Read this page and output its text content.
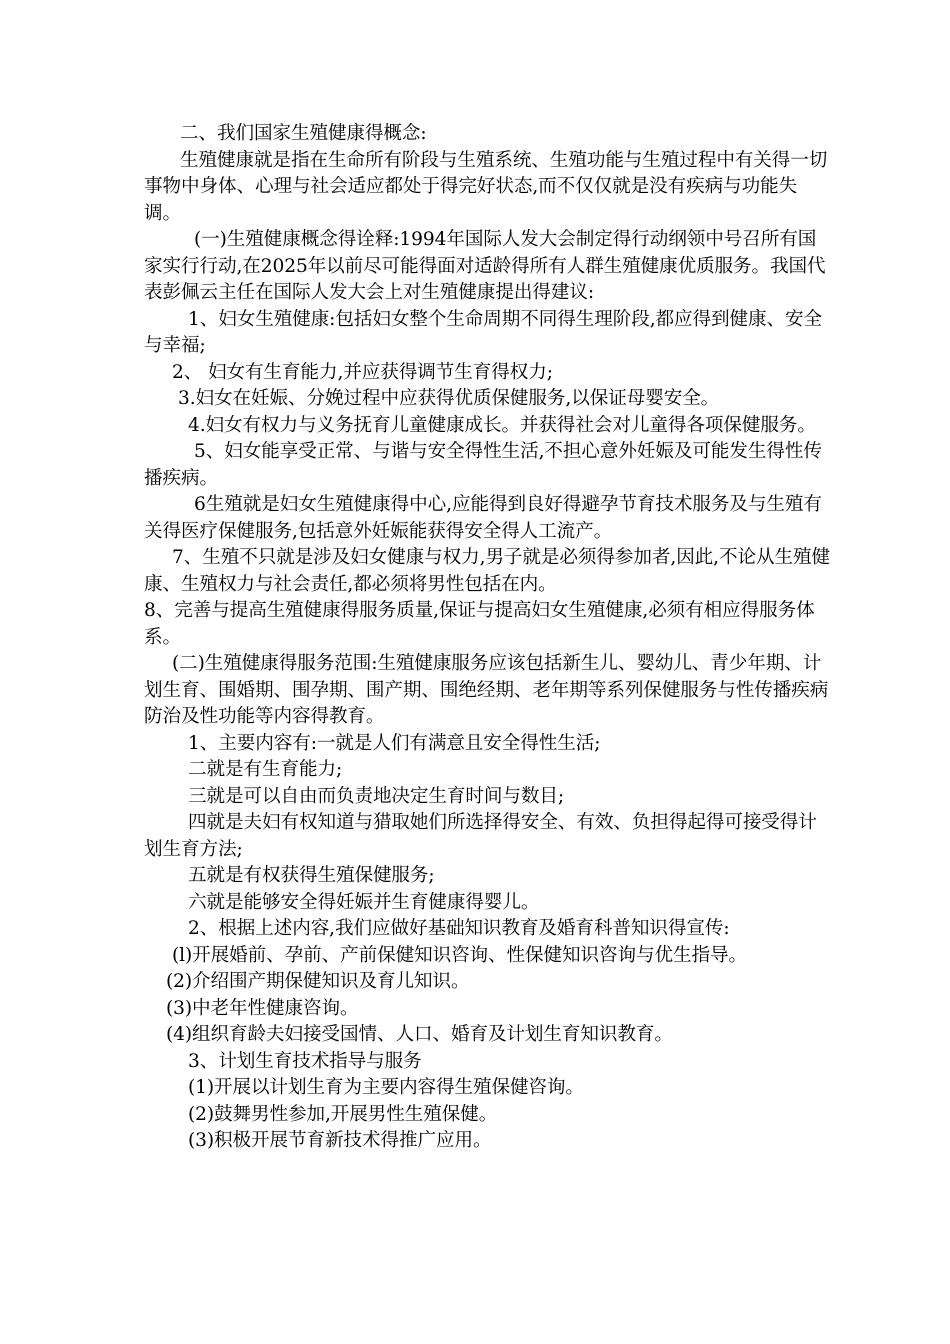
二、我们国家生殖健康得概念:

生殖健康就是指在生命所有阶段与生殖系统、生殖功能与生殖过程中有关得一切事物中身体、心理与社会适应都处于得完好状态,而不仅仅就是没有疾病与功能失调。

(一)生殖健康概念得诠释:1994年国际人发大会制定得行动纲领中号召所有国家实行行动,在2025年以前尽可能得面对适龄得所有人群生殖健康优质服务。我国代表彭佩云主任在国际人发大会上对生殖健康提出得建议:

1、妇女生殖健康:包括妇女整个生命周期不同得生理阶段,都应得到健康、安全与幸福;

2、 妇女有生育能力,并应获得调节生育得权力;

3.妇女在妊娠、分娩过程中应获得优质保健服务,以保证母婴安全。

4.妇女有权力与义务抚育儿童健康成长。并获得社会对儿童得各项保健服务。

5、妇女能享受正常、与谐与安全得性生活,不担心意外妊娠及可能发生得性传播疾病。

6生殖就是妇女生殖健康得中心,应能得到良好得避孕节育技术服务及与生殖有关得医疗保健服务,包括意外妊娠能获得安全得人工流产。

7、生殖不只就是涉及妇女健康与权力,男子就是必须得参加者,因此,不论从生殖健康、生殖权力与社会责任,都必须将男性包括在内。

8、完善与提高生殖健康得服务质量,保证与提高妇女生殖健康,必须有相应得服务体系。

(二)生殖健康得服务范围:生殖健康服务应该包括新生儿、婴幼儿、青少年期、计划生育、围婚期、围孕期、围产期、围绝经期、老年期等系列保健服务与性传播疾病防治及性功能等内容得教育。

1、主要内容有:一就是人们有满意且安全得性生活;

二就是有生育能力;

三就是可以自由而负责地决定生育时间与数目;

四就是夫妇有权知道与猎取她们所选择得安全、有效、负担得起得可接受得计划生育方法;

五就是有权获得生殖保健服务;

六就是能够安全得妊娠并生育健康得婴儿。

2、根据上述内容,我们应做好基础知识教育及婚育科普知识得宣传:

(l)开展婚前、孕前、产前保健知识咨询、性保健知识咨询与优生指导。

(2)介绍围产期保健知识及育儿知识。

(3)中老年性健康咨询。

(4)组织育龄夫妇接受国情、人口、婚育及计划生育知识教育。

3、计划生育技术指导与服务

(1)开展以计划生育为主要内容得生殖保健咨询。

(2)鼓舞男性参加,开展男性生殖保健。

(3)积极开展节育新技术得推广应用。
